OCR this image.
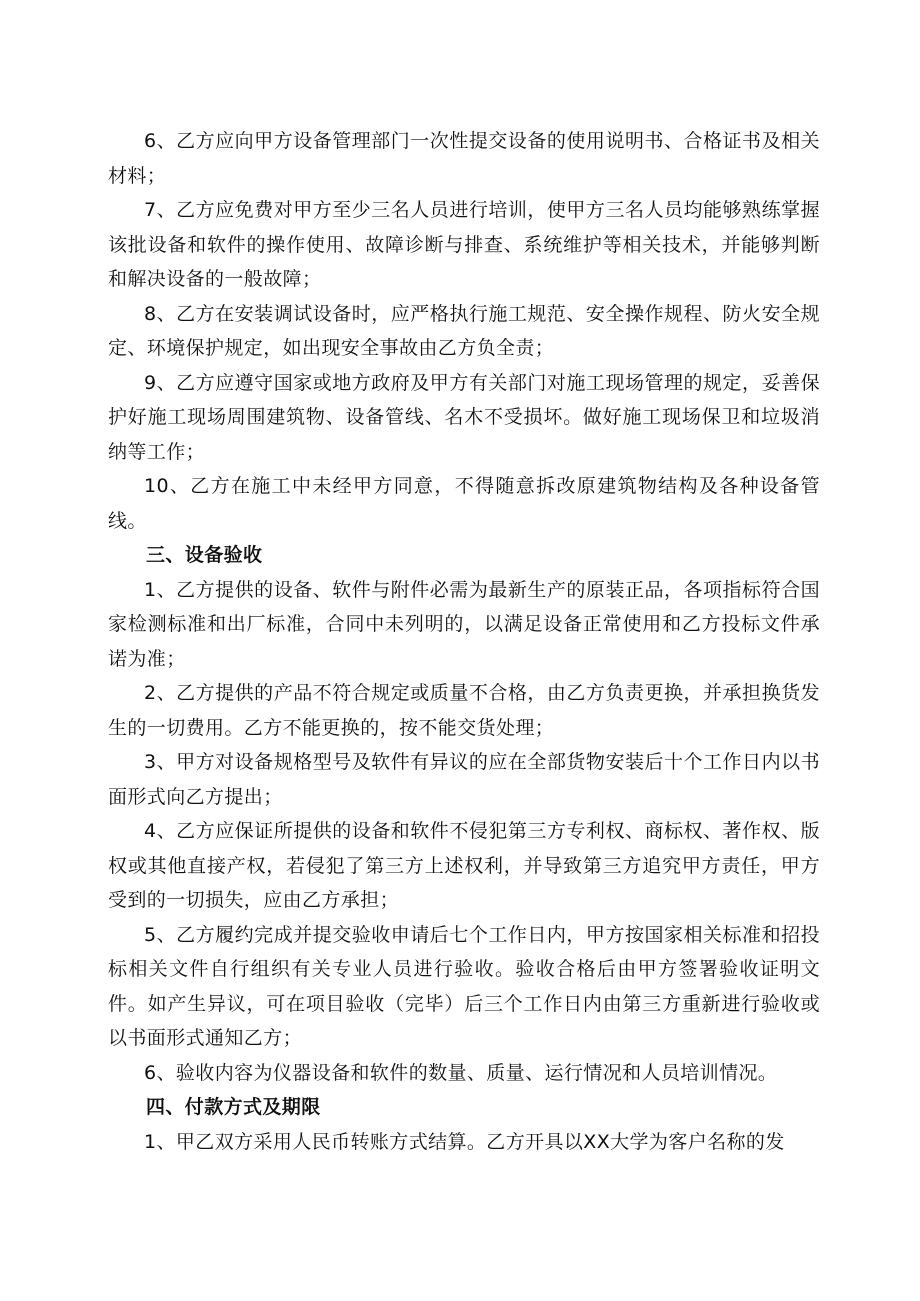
6、乙方应向甲方设备管理部门一次性提交设备的使用说明书、合格证书及相关材料；

7、乙方应免费对甲方至少三名人员进行培训，使甲方三名人员均能够熟练掌握该批设备和软件的操作使用、故障诊断与排查、系统维护等相关技术，并能够判断和解决设备的一般故障；

8、乙方在安装调试设备时，应严格执行施工规范、安全操作规程、防火安全规定、环境保护规定，如出现安全事故由乙方负全责；

9、乙方应遵守国家或地方政府及甲方有关部门对施工现场管理的规定，妥善保护好施工现场周围建筑物、设备管线、名木不受损坏。做好施工现场保卫和垃圾消纳等工作；

10、乙方在施工中未经甲方同意，不得随意拆改原建筑物结构及各种设备管线。

三、设备验收

1、乙方提供的设备、软件与附件必需为最新生产的原装正品，各项指标符合国家检测标准和出厂标准，合同中未列明的，以满足设备正常使用和乙方投标文件承诺为准；

2、乙方提供的产品不符合规定或质量不合格，由乙方负责更换，并承担换货发生的一切费用。乙方不能更换的，按不能交货处理；

3、甲方对设备规格型号及软件有异议的应在全部货物安装后十个工作日内以书面形式向乙方提出；

4、乙方应保证所提供的设备和软件不侵犯第三方专利权、商标权、著作权、版权或其他直接产权，若侵犯了第三方上述权利，并导致第三方追究甲方责任，甲方受到的一切损失，应由乙方承担；

5、乙方履约完成并提交验收申请后七个工作日内，甲方按国家相关标准和招投标相关文件自行组织有关专业人员进行验收。验收合格后由甲方签署验收证明文件。如产生异议，可在项目验收（完毕）后三个工作日内由第三方重新进行验收或以书面形式通知乙方；

6、验收内容为仪器设备和软件的数量、质量、运行情况和人员培训情况。

四、付款方式及期限

1、甲乙双方采用人民币转账方式结算。乙方开具以XX大学为客户名称的发
